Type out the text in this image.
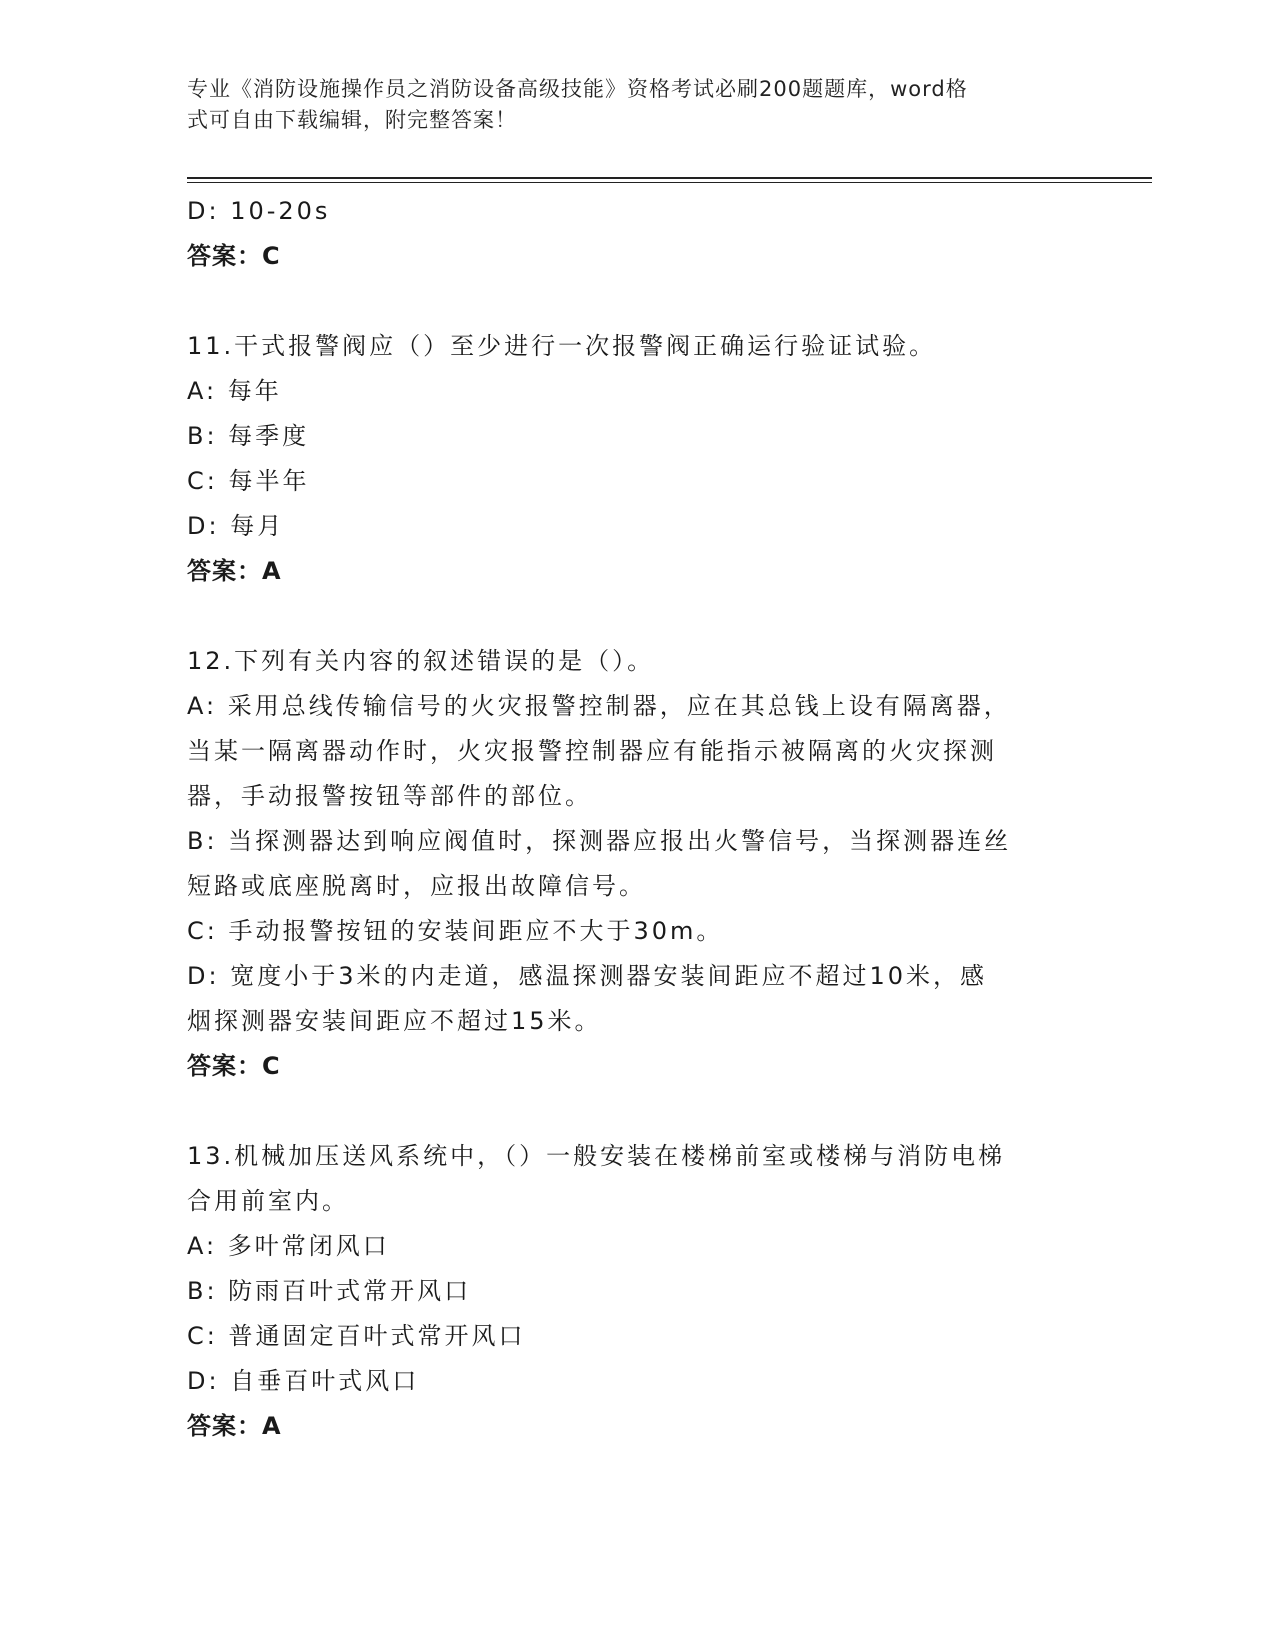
专业《消防设施操作员之消防设备高级技能》资格考试必刷200题题库，word格
式可自由下载编辑，附完整答案！
D: 10-20s
答案：C
11.干式报警阀应（）至少进行一次报警阀正确运行验证试验。
A: 每年
B: 每季度
C: 每半年
D: 每月
答案：A
12.下列有关内容的叙述错误的是（）。
A: 采用总线传输信号的火灾报警控制器，应在其总钱上设有隔离器，
当某一隔离器动作时，火灾报警控制器应有能指示被隔离的火灾探测
器，手动报警按钮等部件的部位。
B: 当探测器达到响应阀值时，探测器应报出火警信号，当探测器连丝
短路或底座脱离时，应报出故障信号。
C: 手动报警按钮的安装间距应不大于30m。
D: 宽度小于3米的内走道，感温探测器安装间距应不超过10米，感
烟探测器安装间距应不超过15米。
答案：C
13.机械加压送风系统中，（）一般安装在楼梯前室或楼梯与消防电梯
合用前室内。
A: 多叶常闭风口
B: 防雨百叶式常开风口
C: 普通固定百叶式常开风口
D: 自垂百叶式风口
答案：A
